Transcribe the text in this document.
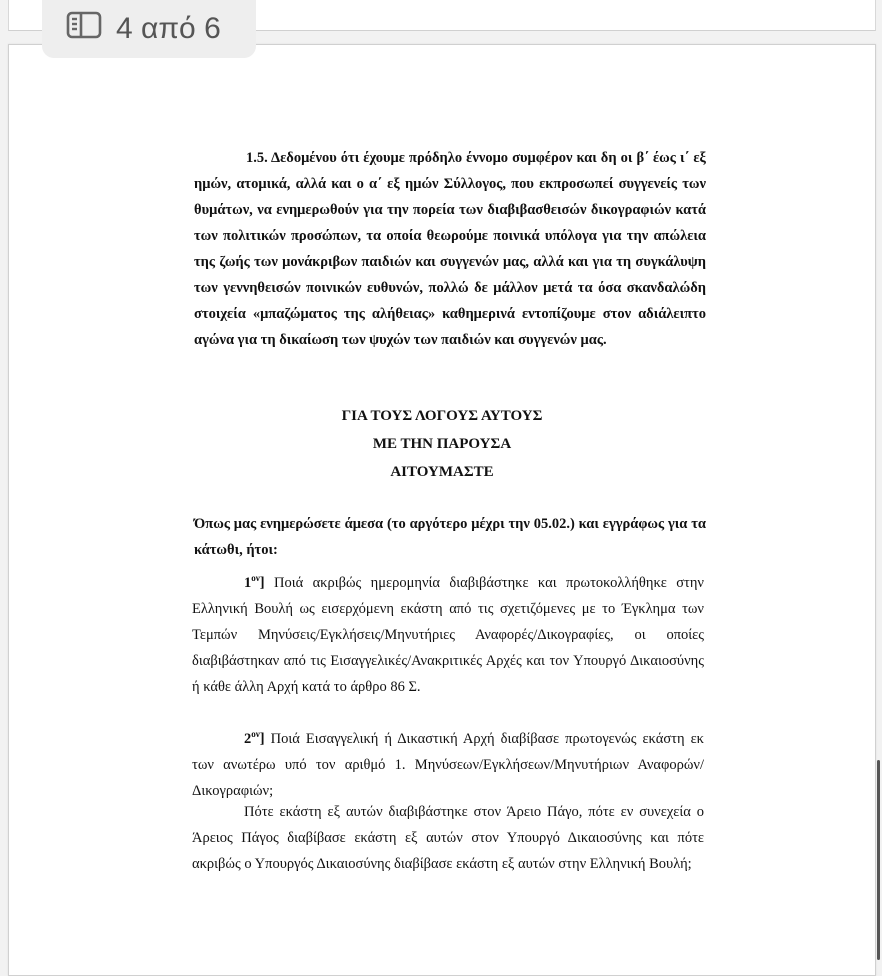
1.5. Δεδομένου ότι έχουμε πρόδηλο έννομο συμφέρον και δη οι β΄ έως ι΄ εξ ημών, ατομικά, αλλά και ο α΄ εξ ημών Σύλλογος, που εκπροσωπεί συγγενείς των θυμάτων, να ενημερωθούν για την πορεία των διαβιβασθεισών δικογραφιών κατά των πολιτικών προσώπων, τα οποία θεωρούμε ποινικά υπόλογα για την απώλεια της ζωής των μονάκριβων παιδιών και συγγενών μας, αλλά και για τη συγκάλυψη των γεννηθεισών ποινικών ευθυνών, πολλώ δε μάλλον μετά τα όσα σκανδαλώδη στοιχεία «μπαζώματος της αλήθειας» καθημερινά εντοπίζουμε στον αδιάλειπτο αγώνα για τη δικαίωση των ψυχών των παιδιών και συγγενών μας.

ΓΙΑ ΤΟΥΣ ΛΟΓΟΥΣ ΑΥΤΟΥΣ
ΜΕ ΤΗΝ ΠΑΡΟΥΣΑ
ΑΙΤΟΥΜΑΣΤΕ

Όπως μας ενημερώσετε άμεσα (το αργότερο μέχρι την 05.02.) και εγγράφως για τα κάτωθι, ήτοι:

$1^{o\nu}$] Ποιά ακριβώς ημερομηνία διαβιβάστηκε και πρωτοκολλήθηκε στην Ελληνική Βουλή ως εισερχόμενη εκάστη από τις σχετιζόμενες με το Έγκλημα των Τεμπών Μηνύσεις/Εγκλήσεις/Μηνυτήριες Αναφορές/Δικογραφίες, οι οποίες διαβιβάστηκαν από τις Εισαγγελικές/Ανακριτικές Αρχές και τον Υπουργό Δικαιοσύνης ή κάθε άλλη Αρχή κατά το άρθρο 86 Σ.

$2^{o\nu}$] Ποιά Εισαγγελική ή Δικαστική Αρχή διαβίβασε πρωτογενώς εκάστη εκ των ανωτέρω υπό τον αριθμό 1. Μηνύσεων/Εγκλήσεων/Μηνυτήριων Αναφορών/ Δικογραφιών;

Πότε εκάστη εξ αυτών διαβιβάστηκε στον Άρειο Πάγο, πότε εν συνεχεία ο Άρειος Πάγος διαβίβασε εκάστη εξ αυτών στον Υπουργό Δικαιοσύνης και πότε ακριβώς ο Υπουργός Δικαιοσύνης διαβίβασε εκάστη εξ αυτών στην Ελληνική Βουλή;

4 από 6
